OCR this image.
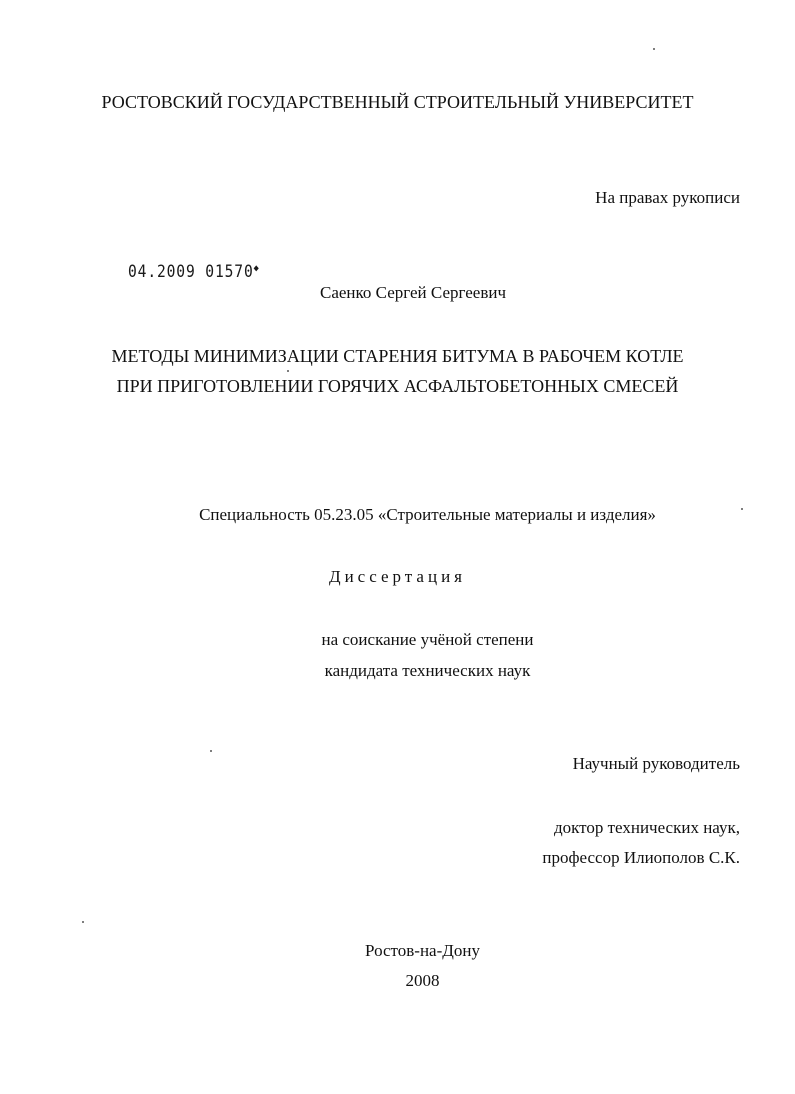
РОСТОВСКИЙ ГОСУДАРСТВЕННЫЙ СТРОИТЕЛЬНЫЙ УНИВЕРСИТЕТ
На правах рукописи
04.2009 01570◆
Саенко Сергей Сергеевич
МЕТОДЫ МИНИМИЗАЦИИ СТАРЕНИЯ БИТУМА В РАБОЧЕМ КОТЛЕ
ПРИ ПРИГОТОВЛЕНИИ ГОРЯЧИХ АСФАЛЬТОБЕТОННЫХ СМЕСЕЙ
Специальность 05.23.05 «Строительные материалы и изделия»
Диссертация
на соискание учёной степени
кандидата технических наук
Научный руководитель
доктор технических наук,
профессор Илиополов С.К.
Ростов-на-Дону
2008
